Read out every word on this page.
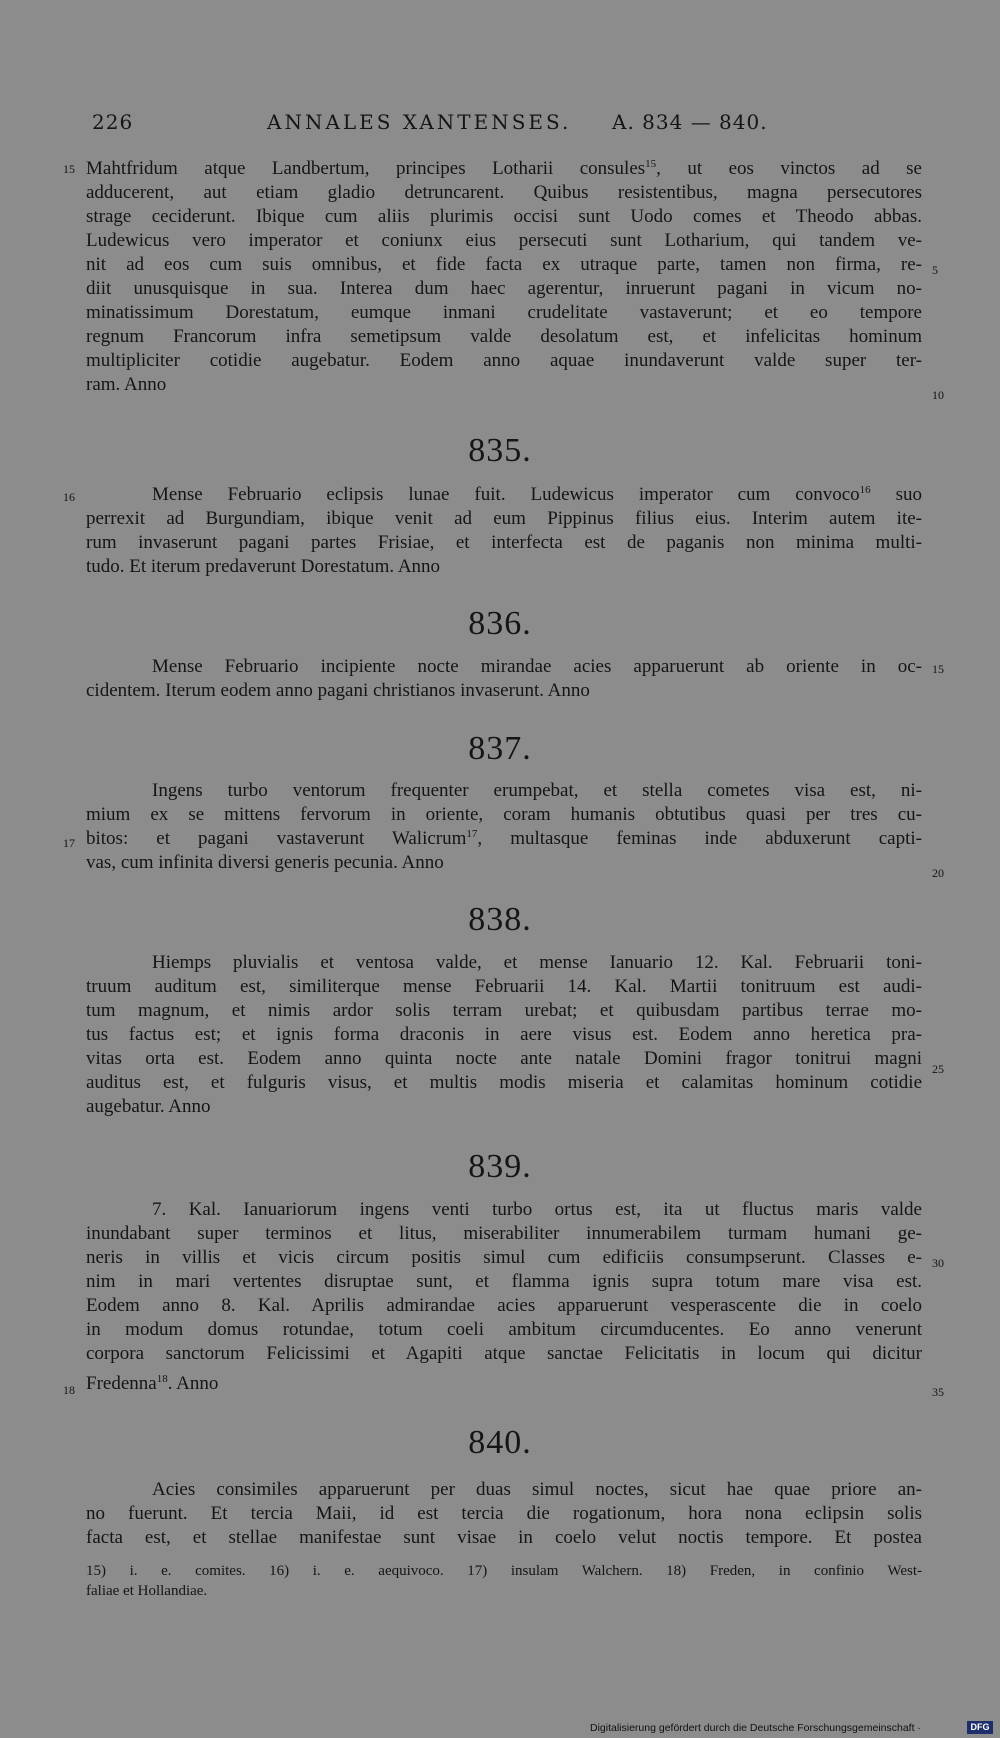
226	ANNALES XANTENSES. A. 834 — 840.
15 Mahtfridum atque Landbertum, principes Lotharii consules$^{15}$, ut eos vinctos ad se
adducerent, aut etiam gladio detruncarent. Quibus resistentibus, magna persecutores
strage ceciderunt. Ibique cum aliis plurimis occisi sunt Uodo comes et Theodo abbas.
Ludewicus vero imperator et coniunx eius persecuti sunt Lotharium, qui tandem ve-
nit ad eos cum suis omnibus, et fide facta ex utraque parte, tamen non firma, re- 5
diit unusquisque in sua. Interea dum haec agerentur, inruerunt pagani in vicum no-
minatissimum Dorestatum, eumque inmani crudelitate vastaverunt; et eo tempore
regnum Francorum infra semetipsum valde desolatum est, et infelicitas hominum
multipliciter cotidie augebatur. Eodem anno aquae inundaverunt valde super ter-
ram. Anno	10
835.
16	Mense Februario eclipsis lunae fuit. Ludewicus imperator cum convoco$^{16}$ suo
perrexit ad Burgundiam, ibique venit ad eum Pippinus filius eius. Interim autem ite-
rum invaserunt pagani partes Frisiae, et interfecta est de paganis non minima multi-
tudo. Et iterum predaverunt Dorestatum. Anno
836.
Mense Februario incipiente nocte mirandae acies apparuerunt ab oriente in oc- 15
cidentem. Iterum eodem anno pagani christianos invaserunt. Anno
837.
Ingens turbo ventorum frequenter erumpebat, et stella cometes visa est, ni-
mium ex se mittens fervorum in oriente, coram humanis obtutibus quasi per tres cu-
17 bitos: et pagani vastaverunt Walicrum$^{17}$, multasque feminas inde abduxerunt capti-
vas, cum infinita diversi generis pecunia. Anno	20
838.
Hiemps pluvialis et ventosa valde, et mense Ianuario 12. Kal. Februarii toni-
truum auditum est, similiterque mense Februarii 14. Kal. Martii tonitruum est audi-
tum magnum, et nimis ardor solis terram urebat; et quibusdam partibus terrae mo-
tus factus est; et ignis forma draconis in aere visus est. Eodem anno heretica pra-
vitas orta est. Eodem anno quinta nocte ante natale Domini fragor tonitrui magni 25
auditus est, et fulguris visus, et multis modis miseria et calamitas hominum cotidie
augebatur. Anno
839.
7. Kal. Ianuariorum ingens venti turbo ortus est, ita ut fluctus maris valde
inundabant super terminos et litus, miserabiliter innumerabilem turmam humani ge-
neris in villis et vicis circum positis simul cum edificiis consumpserunt. Classes e- 30
nim in mari vertentes disruptae sunt, et flamma ignis supra totum mare visa est.
Eodem anno 8. Kal. Aprilis admirandae acies apparuerunt vesperascente die in coelo
in modum domus rotundae, totum coeli ambitum circumducentes. Eo anno venerunt
corpora sanctorum Felicissimi et Agapiti atque sanctae Felicitatis in locum qui dicitur
18 Fredenna$^{18}$. Anno	35
840.
Acies consimiles apparuerunt per duas simul noctes, sicut hae quae priore an-
no fuerunt. Et tercia Maii, id est tercia die rogationum, hora nona eclipsin solis
facta est, et stellae manifestae sunt visae in coelo velut noctis tempore. Et postea
15) i. e. comites. 16) i. e. aequivoco. 17) insulam Walchern. 18) Freden, in confinio West-
faliae et Hollandiae.
Digitalisierung gefördert durch die Deutsche Forschungsgemeinschaft ·	DFG
